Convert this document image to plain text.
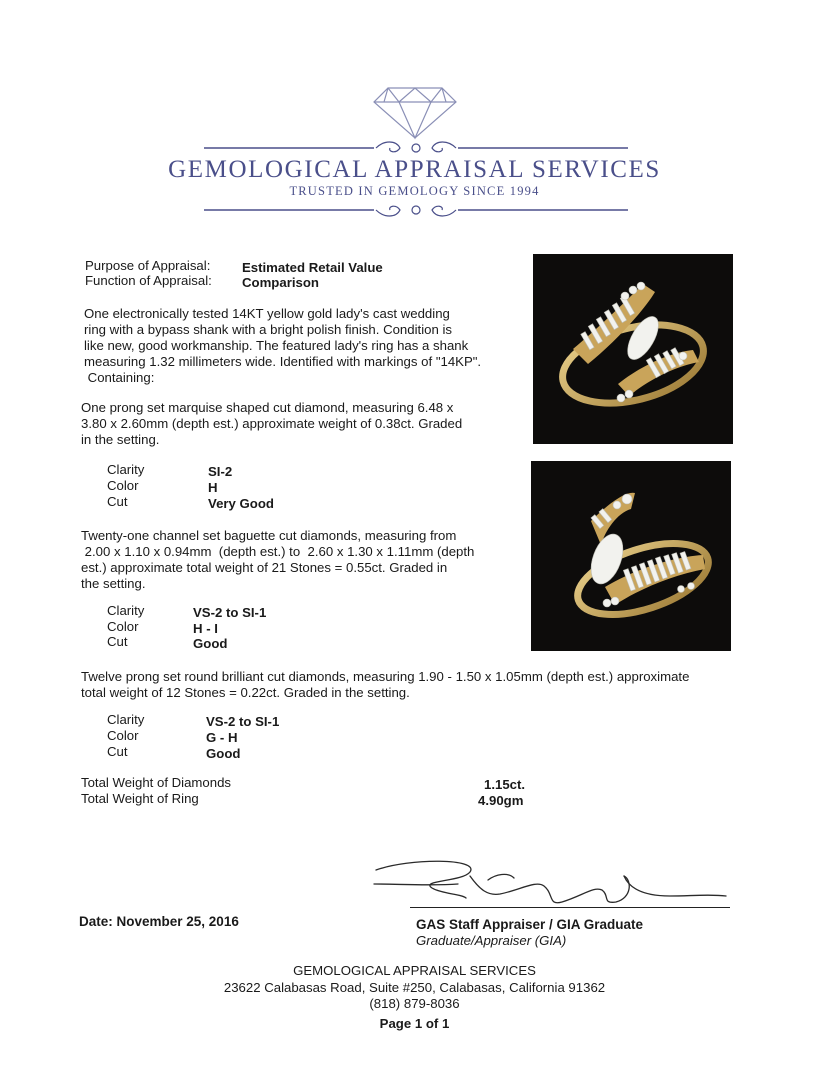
GEMOLOGICAL APPRAISAL SERVICES
TRUSTED IN GEMOLOGY SINCE 1994
Purpose of Appraisal: Estimated Retail Value
Function of Appraisal: Comparison
One electronically tested 14KT yellow gold lady's cast wedding
ring with a bypass shank with a bright polish finish. Condition is
like new, good workmanship. The featured lady's ring has a shank
measuring 1.32 millimeters wide. Identified with markings of "14KP".
Containing:
One prong set marquise shaped cut diamond, measuring 6.48 x
3.80 x 2.60mm (depth est.) approximate weight of 0.38ct. Graded
in the setting.
Clarity	SI-2
Color	H
Cut	Very Good
Twenty-one channel set baguette cut diamonds, measuring from
2.00 x 1.10 x 0.94mm  (depth est.) to  2.60 x 1.30 x 1.11mm (depth
est.) approximate total weight of 21 Stones = 0.55ct. Graded in
the setting.
Clarity	VS-2 to SI-1
Color	H - I
Cut	Good
Twelve prong set round brilliant cut diamonds, measuring 1.90 - 1.50 x 1.05mm (depth est.) approximate
total weight of 12 Stones = 0.22ct. Graded in the setting.
Clarity	VS-2 to SI-1
Color	G - H
Cut	Good
Total Weight of Diamonds	1.15ct.
Total Weight of Ring	4.90gm
Date: November 25, 2016	GAS Staff Appraiser / GIA Graduate
Graduate/Appraiser (GIA)
GEMOLOGICAL APPRAISAL SERVICES
23622 Calabasas Road, Suite #250, Calabasas, California 91362
(818) 879-8036
Page 1 of 1
